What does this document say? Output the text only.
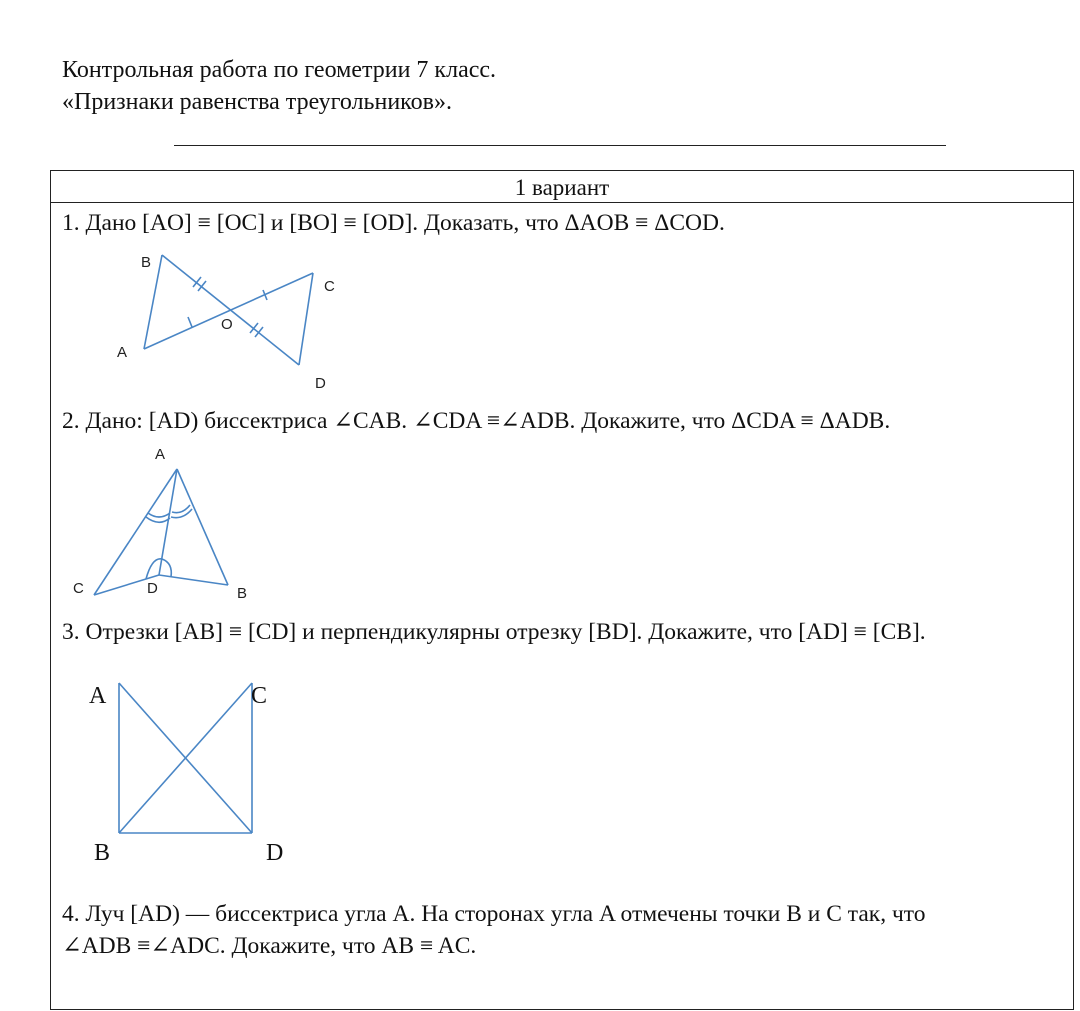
Контрольная работа по геометрии 7 класс.
«Признаки равенства треугольников».
1 вариант
1. Дано [AO] ≡ [OC] и [BO] ≡ [OD]. Доказать, что ΔAOB ≡ ΔCOD.
B
C
O
A
D
2. Дано: [AD) биссектриса ∠CAB. ∠CDA ≡∠ADB. Докажите, что ΔCDA ≡ ΔADB.
A
C	D	B
3. Отрезки [AB] ≡ [CD] и перпендикулярны отрезку [BD]. Докажите, что [AD] ≡ [CB].
A	C
B	D
4. Луч [AD) — биссектриса угла A. На сторонах угла A отмечены точки B и C так, что
∠ADB ≡∠ADC. Докажите, что AB ≡ AC.
